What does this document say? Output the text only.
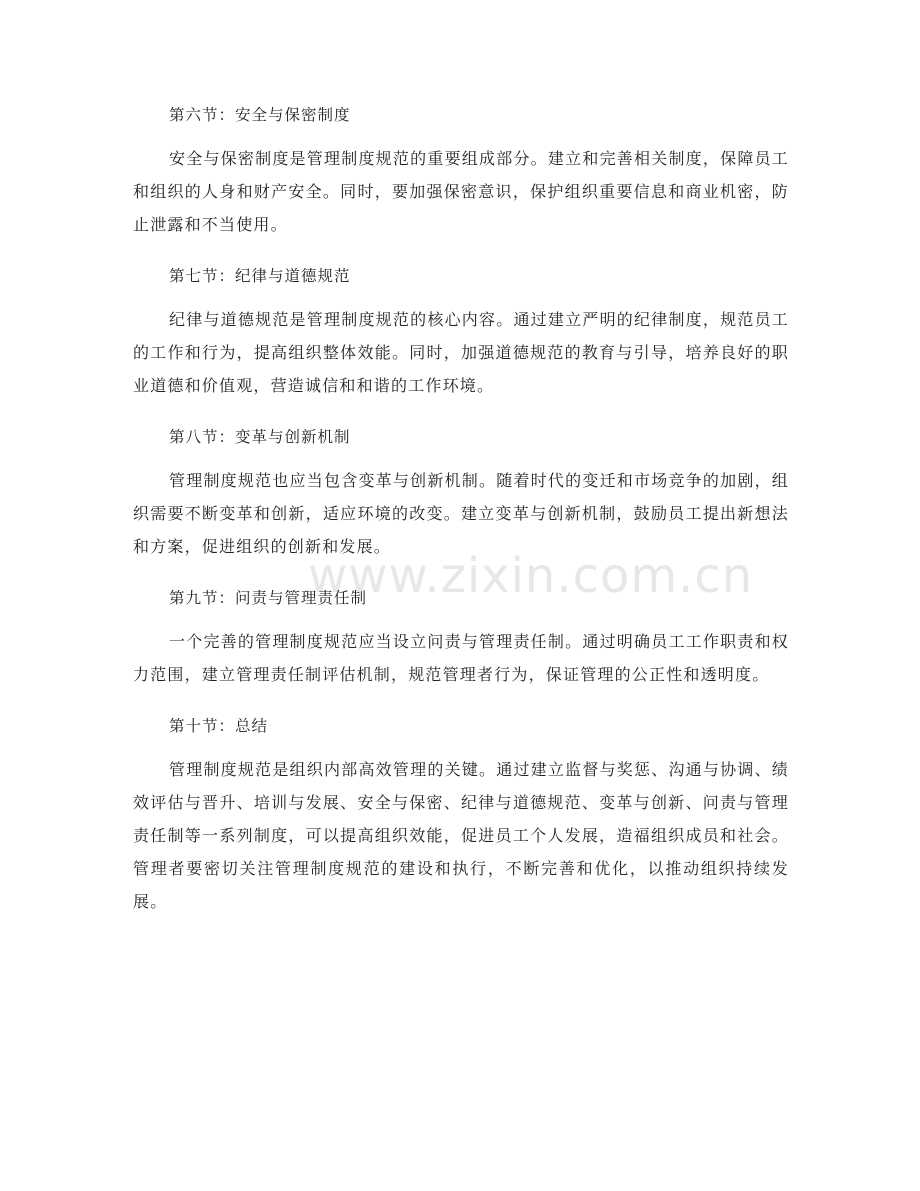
www.zixin.com.cn

第六节：安全与保密制度

安全与保密制度是管理制度规范的重要组成部分。建立和完善相关制度，保障员工和组织的人身和财产安全。同时，要加强保密意识，保护组织重要信息和商业机密，防止泄露和不当使用。

第七节：纪律与道德规范

纪律与道德规范是管理制度规范的核心内容。通过建立严明的纪律制度，规范员工的工作和行为，提高组织整体效能。同时，加强道德规范的教育与引导，培养良好的职业道德和价值观，营造诚信和和谐的工作环境。

第八节：变革与创新机制

管理制度规范也应当包含变革与创新机制。随着时代的变迁和市场竞争的加剧，组织需要不断变革和创新，适应环境的改变。建立变革与创新机制，鼓励员工提出新想法和方案，促进组织的创新和发展。

第九节：问责与管理责任制

一个完善的管理制度规范应当设立问责与管理责任制。通过明确员工工作职责和权力范围，建立管理责任制评估机制，规范管理者行为，保证管理的公正性和透明度。

第十节：总结

管理制度规范是组织内部高效管理的关键。通过建立监督与奖惩、沟通与协调、绩效评估与晋升、培训与发展、安全与保密、纪律与道德规范、变革与创新、问责与管理责任制等一系列制度，可以提高组织效能，促进员工个人发展，造福组织成员和社会。管理者要密切关注管理制度规范的建设和执行，不断完善和优化，以推动组织持续发展。
